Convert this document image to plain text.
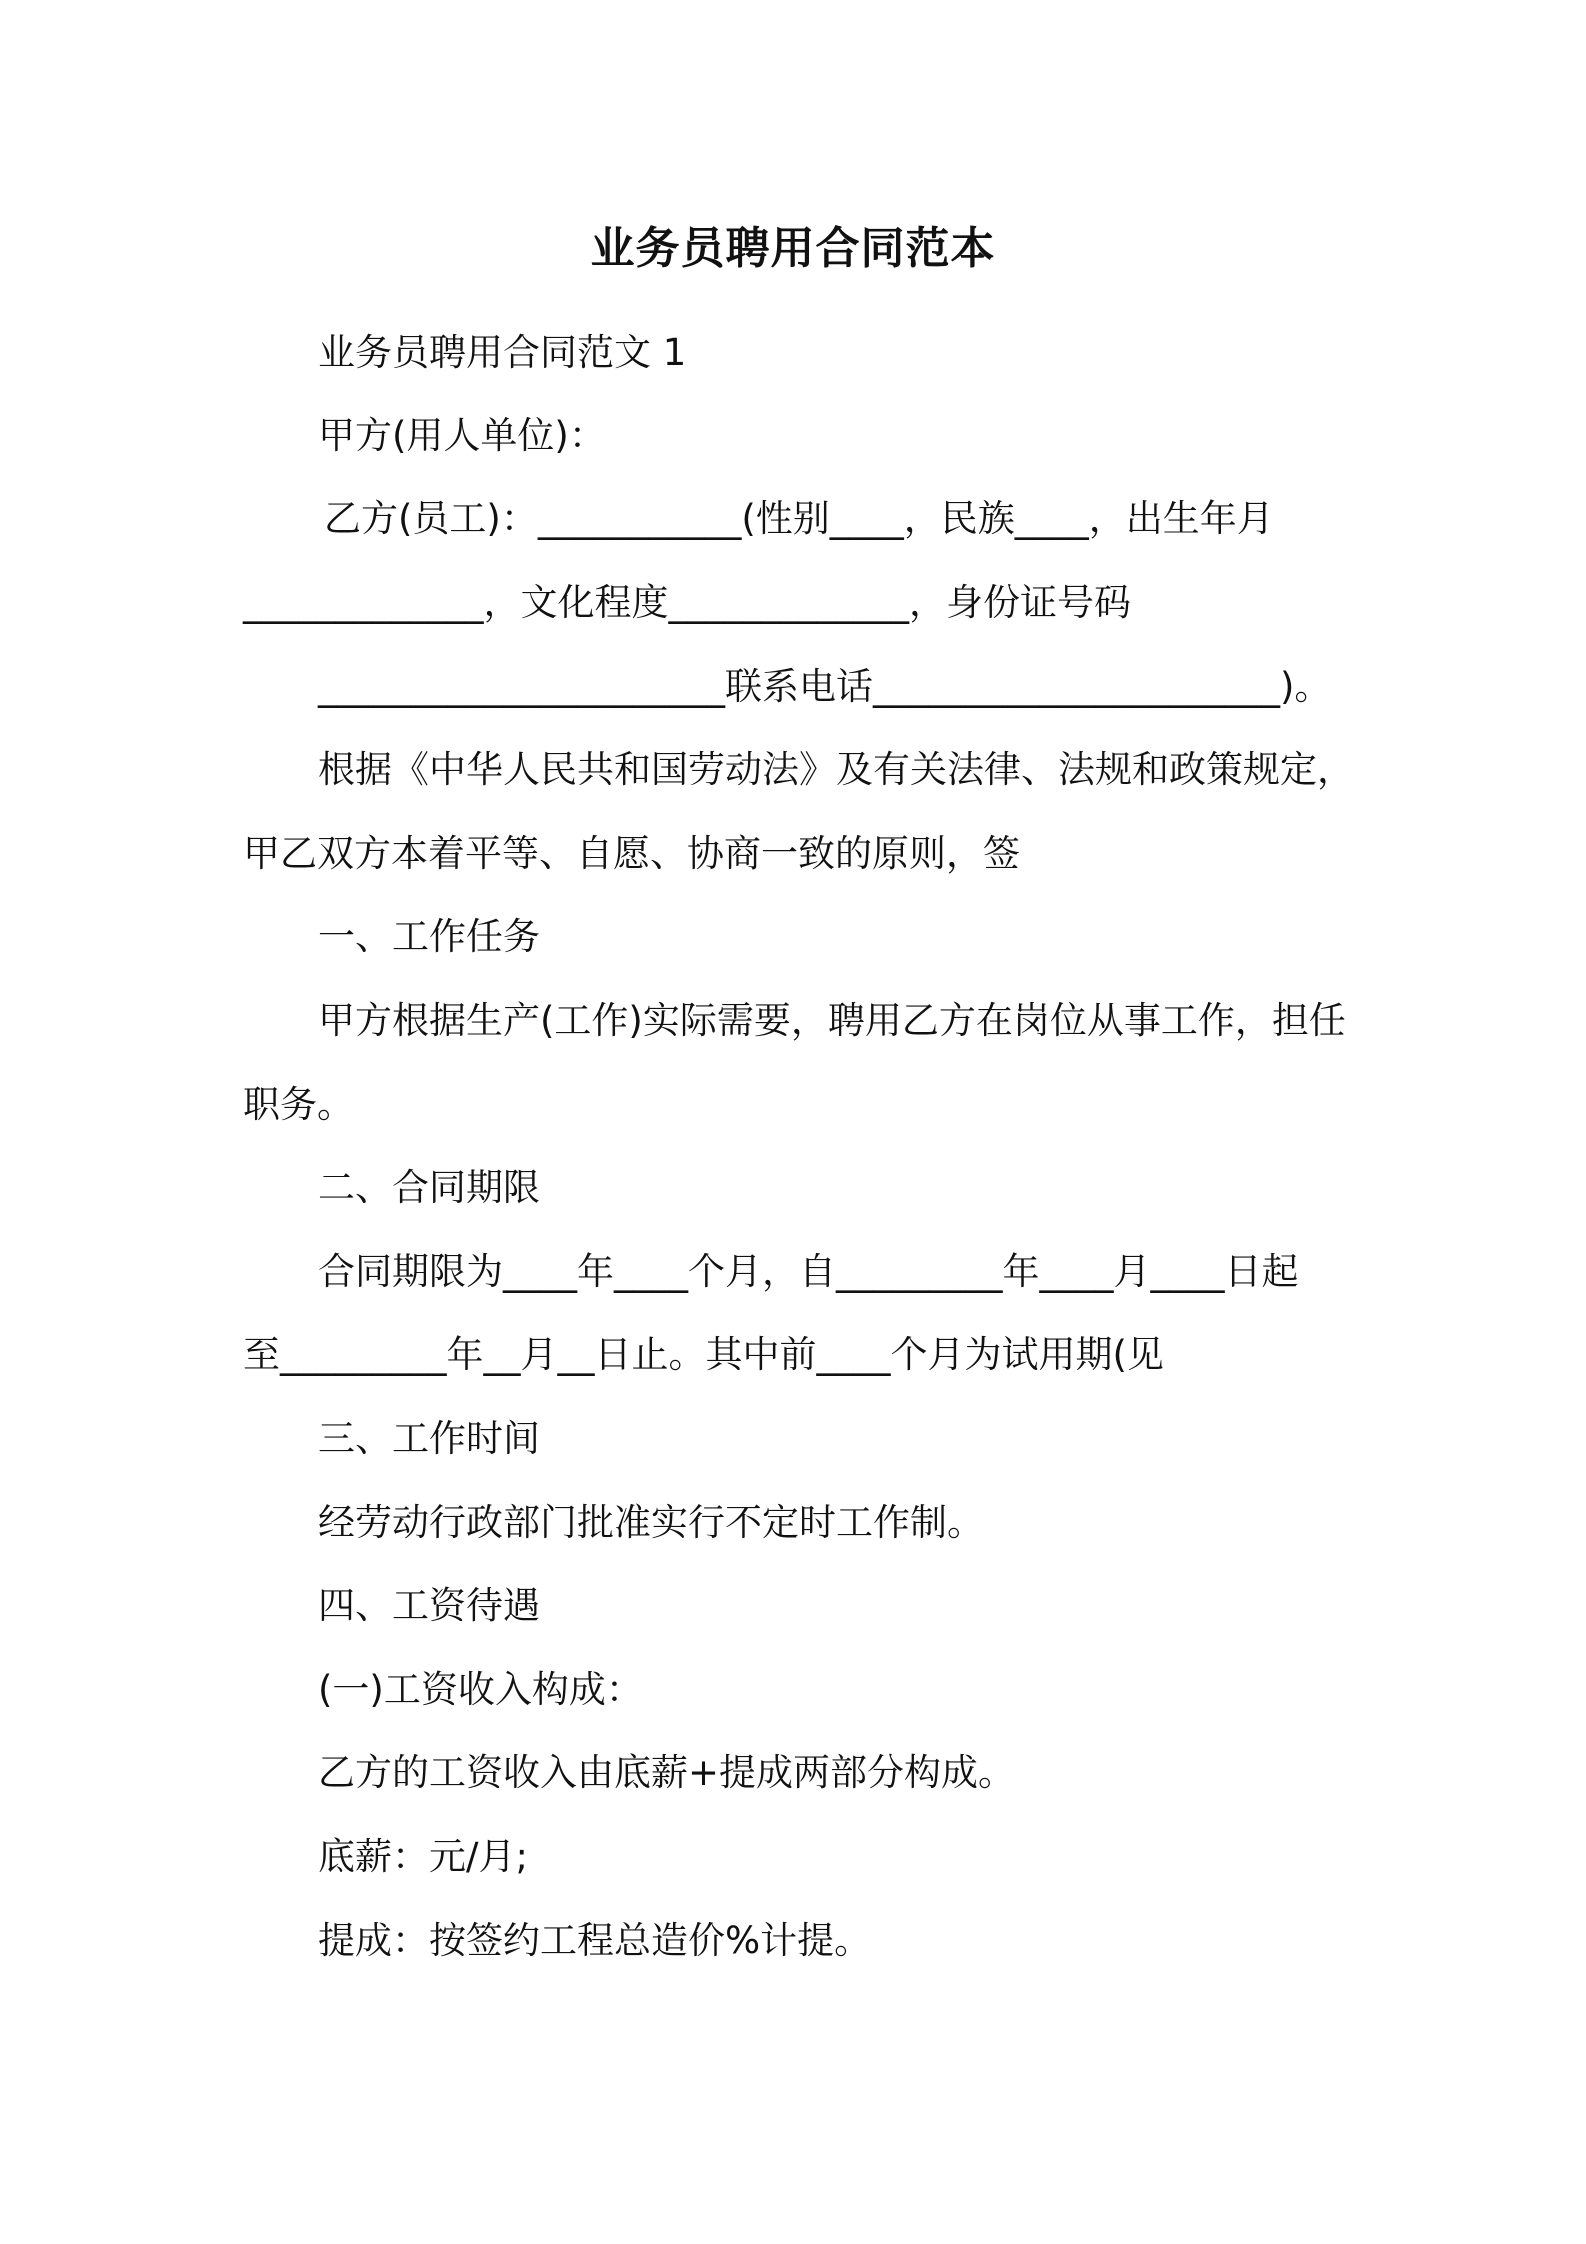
业务员聘用合同范本
业务员聘用合同范文 1
甲方(用人单位)：
乙方(员工)：___________(性别____，民族____，出生年月
_____________，文化程度_____________，身份证号码
______________________联系电话______________________)。
根据《中华人民共和国劳动法》及有关法律、法规和政策规定，
甲乙双方本着平等、自愿、协商一致的原则，签
一、工作任务
甲方根据生产(工作)实际需要，聘用乙方在岗位从事工作，担任
职务。
二、合同期限
合同期限为____年____个月，自_________年____月____日起
至_________年__月__日止。其中前____个月为试用期(见
三、工作时间
经劳动行政部门批准实行不定时工作制。
四、工资待遇
(一)工资收入构成：
乙方的工资收入由底薪+提成两部分构成。
底薪：元/月;
提成：按签约工程总造价%计提。
